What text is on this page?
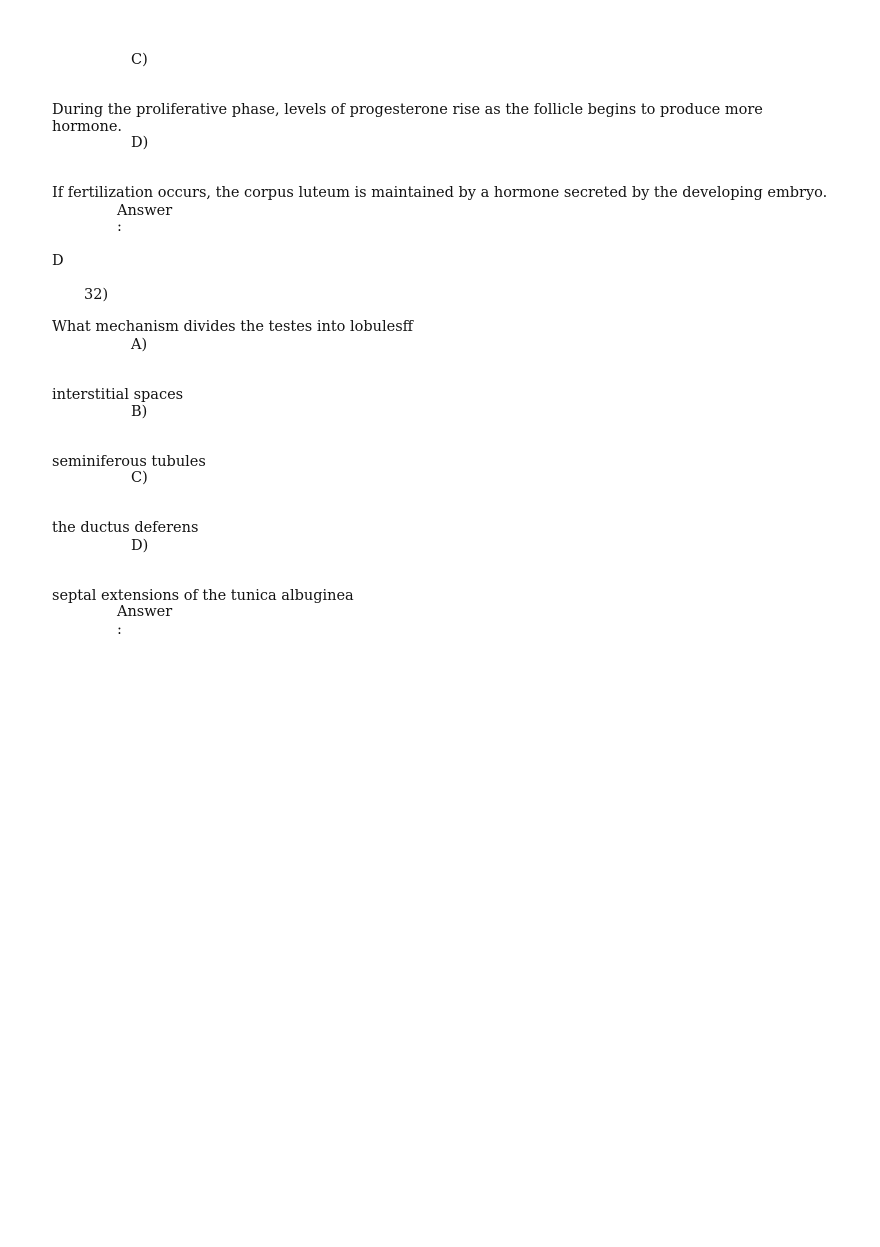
C)
During the proliferative phase, levels of progesterone rise as the follicle begins to produce more hormone.
D)
If fertilization occurs, the corpus luteum is maintained by a hormone secreted by the developing embryo.
Answer
:
D
32)
What mechanism divides the testes into lobulesff
A)
interstitial spaces
B)
seminiferous tubules
C)
the ductus deferens
D)
septal extensions of the tunica albuginea
Answer
:
